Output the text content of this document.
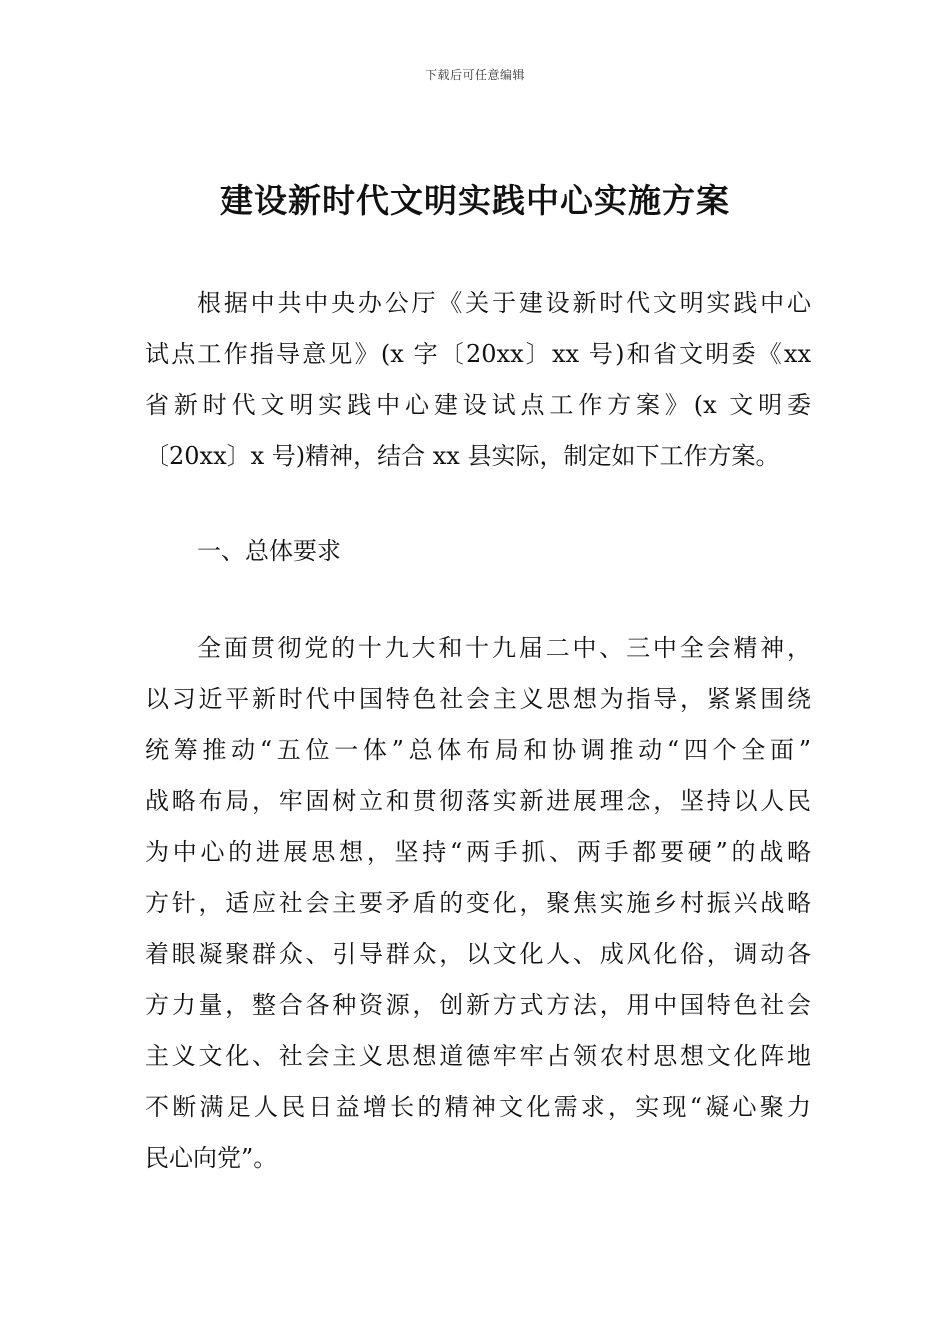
下载后可任意编辑
建设新时代文明实践中心实施方案
根据中共中央办公厅《关于建设新时代文明实践中心
试点工作指导意见》(x 字〔20xx〕xx 号)和省文明委《xx
省新时代文明实践中心建设试点工作方案》(x 文明委
〔20xx〕x 号)精神，结合 xx 县实际，制定如下工作方案。
一、总体要求
全面贯彻党的十九大和十九届二中、三中全会精神，
以习近平新时代中国特色社会主义思想为指导，紧紧围绕
统筹推动“五位一体”总体布局和协调推动“四个全面”
战略布局，牢固树立和贯彻落实新进展理念，坚持以人民
为中心的进展思想，坚持“两手抓、两手都要硬”的战略
方针，适应社会主要矛盾的变化，聚焦实施乡村振兴战略
着眼凝聚群众、引导群众，以文化人、成风化俗，调动各
方力量，整合各种资源，创新方式方法，用中国特色社会
主义文化、社会主义思想道德牢牢占领农村思想文化阵地
不断满足人民日益增长的精神文化需求，实现“凝心聚力
民心向党”。
